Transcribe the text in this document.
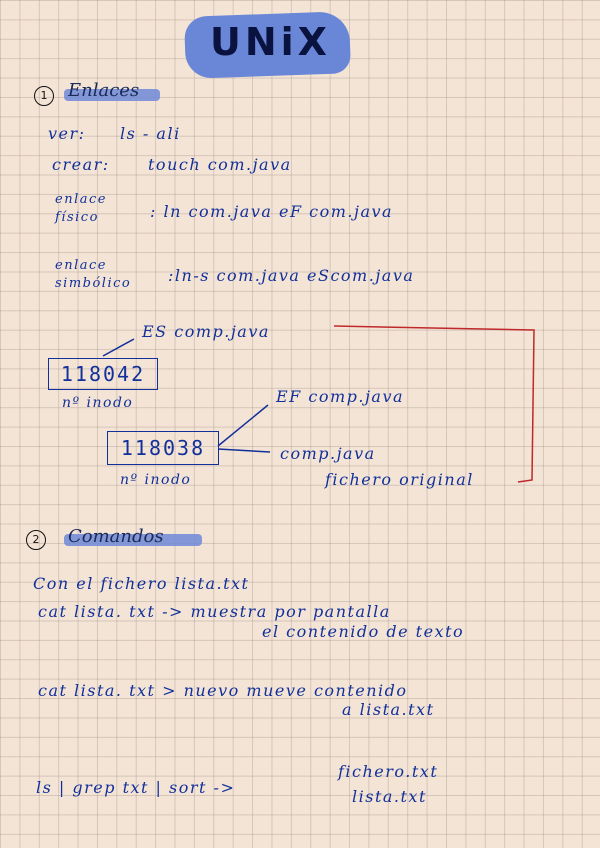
UNiX
1	Enlaces
ver: ls - ali
crear: touch com.java
enlace
físico	: ln com.java eF com.java
enlace
simbólico :ln-s com.java eScom.java
ES comp.java
118042
nº inodo	EF comp.java
118038
nº inodo
comp.java
fichero original
2	Comandos
Con el fichero lista.txt
cat lista. txt -> muestra por pantalla
el contenido de texto
cat lista. txt > nuevo mueve contenido
a lista.txt
ls | grep txt | sort ->
fichero.txt
lista.txt
